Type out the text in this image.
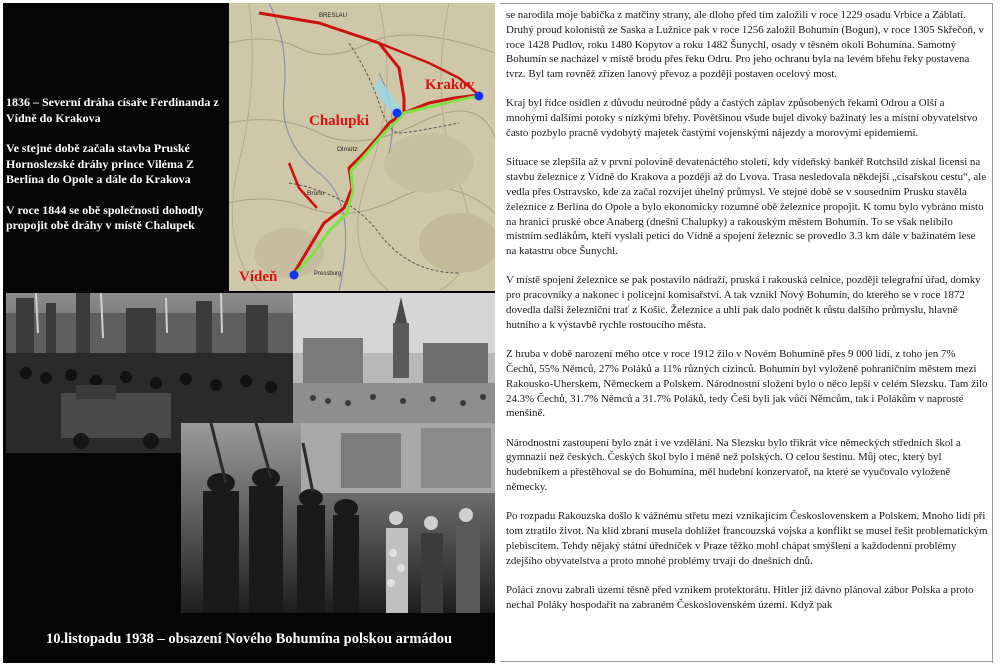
1836 – Severní dráha císaře Ferdinanda z Vídně do Krakova

Ve stejné době začala stavba Pruské Hornoslezské dráhy prince Viléma Z Berlína do Opole a dále do Krakova

V roce 1844 se obě společnosti dohodly propojit obě dráhy v místě Chalupek

BRESLAU
Olmütz
Brünn
Pressburg
Krakov
Chalupki
Vídeň
10.listopadu 1938 – obsazení Nového Bohumína polskou armádou

se narodila moje babička z matčiny strany, ale dloho před tím založili v roce 1229 osadu Vrbice a Záblatí. Druhý proud kolonistů ze Saska a Lužnice pak v roce 1256 založil Bohumín (Bogun), v roce 1305 Skřečoň, v roce 1428 Pudlov, roku 1480 Kopytov a roku 1482 Šunychl, osady v těsném okolí Bohumína. Samotný Bohumín se nacházel v místě brodu přes řeku Odru. Pro jeho ochranu byla na levém břehu řeky postavena tvrz. Byl tam rovněž zřízen lanový převoz a později postaven ocelový most.

Kraj byl řídce osídlen z důvodu neúrodné půdy a častých záplav způsobených řekami Odrou a Olší a mnohými dalšími potoky s nízkými břehy. Povětšinou všude bujel divoký bažinatý les a místní obyvatelstvo často pozbylo pracně vydobytý majetek častými vojenskými nájezdy a morovými epidemiemi.

Situace se zlepšila až v první polovině devatenáctého století, kdy vídeňský bankéř Rotchsild získal licensi na stavbu železnice z Vídně do Krakova a později až do Lvova. Trasa nesledovala někdejší „císařskou cestu“, ale vedla přes Ostravsko, kde za začal rozvíjet úhelný průmysl. Ve stejné době se v sousedním Prusku stavěla železnice z Berlína do Opole a bylo ekonomicky rozumné obě železnice propojit. K tomu bylo vybráno místo na hranici pruské obce Anaberg (dnešní Chalupky) a rakouským městem Bohumín. To se však nelíbilo místním sedlákům, kteří vyslali petici do Vídně a spojení železnic se provedlo 3.3 km dále v bažinatém lese na katastru obce Šunychl.

V místě spojení železnice se pak postavilo nádraží, pruská i rakouská celnice, později telegrafní úřad, domky pro pracovníky a nakonec i policejní komisařství. A tak vznikl Nový Bohumín, do kterého se v roce 1872 dovedla další železniční trať z Košic. Železnice a uhlí pak dalo podnět k růstu dalšího průmyslu, hlavně hutního a k výstavbě rychle rostoucího města.

Z hruba v době narození mého otce v roce 1912 žilo v Novém Bohumíně přes 9 000 lidí, z toho jen 7% Čechů, 55% Němců, 27% Poláků a 11% různých cizinců. Bohumín byl vyloženě pohraničním městem mezi Rakousko-Uherskem, Německem a Polskem. Národnostní složení bylo o něco lepší v celém Slezsku. Tam žilo 24.3% Čechů, 31.7% Němců a 31.7% Poláků, tedy Češi byli jak vůčí Němcům, tak i Polákům v naprosté menšině.

Národnostní zastoupení bylo znát i ve vzdělání. Na Slezsku bylo třikrát více německých středních škol a gymnazií než českých. Českých škol bylo i méně než polských. O celou šestinu. Můj otec, který byl hudebníkem a přestěhoval se do Bohumína, měl hudební konzervatoř, na které se vyučovalo vyloženě německy.

Po rozpadu Rakouzska došlo k vážnému střetu mezi vznikajícím Československem a Polskem. Mnoho lidí při tom ztratilo život. Na klid zbraní musela dohlížet francouzská vojska a konflikt se musel řešit problematickým plebiscitem. Tehdy nějaký státní úředníček v Praze těžko mohl chápat smýšlení a každodenní problémy zdejšího obyvatelstva a proto mnohé problémy trvají do dnešních dnů.

Poláci znovu zabrali území těsně před vznikem protektorátu. Hitler již dávno plánoval zábor Polska a proto nechal Poláky hospodařit na zabraném Československém území. Když pak
